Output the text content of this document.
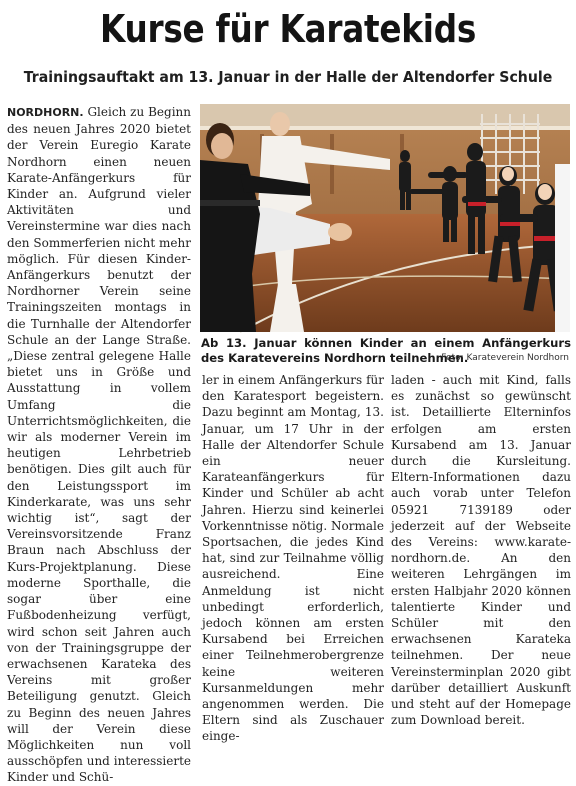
Kurse für Karatekids
Trainingsauftakt am 13. Januar in der Halle der Altendorfer Schule
NORDHORN. Gleich zu Beginn des neuen Jahres 2020 bietet der Verein Euregio Karate Nordhorn einen neuen Karate-Anfängerkurs für Kinder an. Aufgrund vieler Aktivitäten und Vereinstermine war dies nach den Sommerferien nicht mehr möglich. Für diesen Kinder-Anfängerkurs benutzt der Nordhorner Verein seine Trainingszeiten montags in die Turnhalle der Altendorfer Schule an der Lange Straße. „Diese zentral gelegene Halle bietet uns in Größe und Ausstattung in vollem Umfang die Unterrichtsmöglichkeiten, die wir als moderner Verein im heutigen Lehrbetrieb benötigen. Dies gilt auch für den Leistungssport im Kinderkarate, was uns sehr wichtig ist“, sagt der Vereinsvorsitzende Franz Braun nach Abschluss der Kurs-Projektplanung. Diese moderne Sporthalle, die sogar über eine Fußbodenheizung verfügt, wird schon seit Jahren auch von der Trainingsgruppe der erwachsenen Karateka des Vereins mit großer Beteiligung genutzt. Gleich zu Beginn des neuen Jahres will der Verein diese Möglichkeiten nun voll ausschöpfen und interessierte Kinder und Schü-
Ab 13. Januar können Kinder an einem Anfängerkurs des Karatevereins Nordhorn teilnehmen.
Foto: Karateverein Nordhorn
ler in einem Anfängerkurs für den Karatesport begeistern. Dazu beginnt am Montag, 13. Januar, um 17 Uhr in der Halle der Altendorfer Schule ein neuer Karateanfängerkurs für Kinder und Schüler ab acht Jahren. Hierzu sind keinerlei Vorkenntnisse nötig. Normale Sportsachen, die jedes Kind hat, sind zur Teilnahme völlig ausreichend. Eine Anmeldung ist nicht unbedingt erforderlich, jedoch können am ersten Kursabend bei Erreichen einer Teilnehmerobergrenze keine weiteren Kursanmeldungen mehr angenommen werden. Die Eltern sind als Zuschauer einge-
laden - auch mit Kind, falls es zunächst so gewünscht ist. Detaillierte Elterninfos erfolgen am ersten Kursabend am 13. Januar durch die Kursleitung. Eltern-Informationen dazu auch vorab unter Telefon 05921 7139189 oder jederzeit auf der Webseite des Vereins: www.karate-nordhorn.de. An den weiteren Lehrgängen im ersten Halbjahr 2020 können talentierte Kinder und Schüler mit den erwachsenen Karateka teilnehmen. Der neue Vereinsterminplan 2020 gibt darüber detailliert Auskunft und steht auf der Homepage zum Download bereit.
